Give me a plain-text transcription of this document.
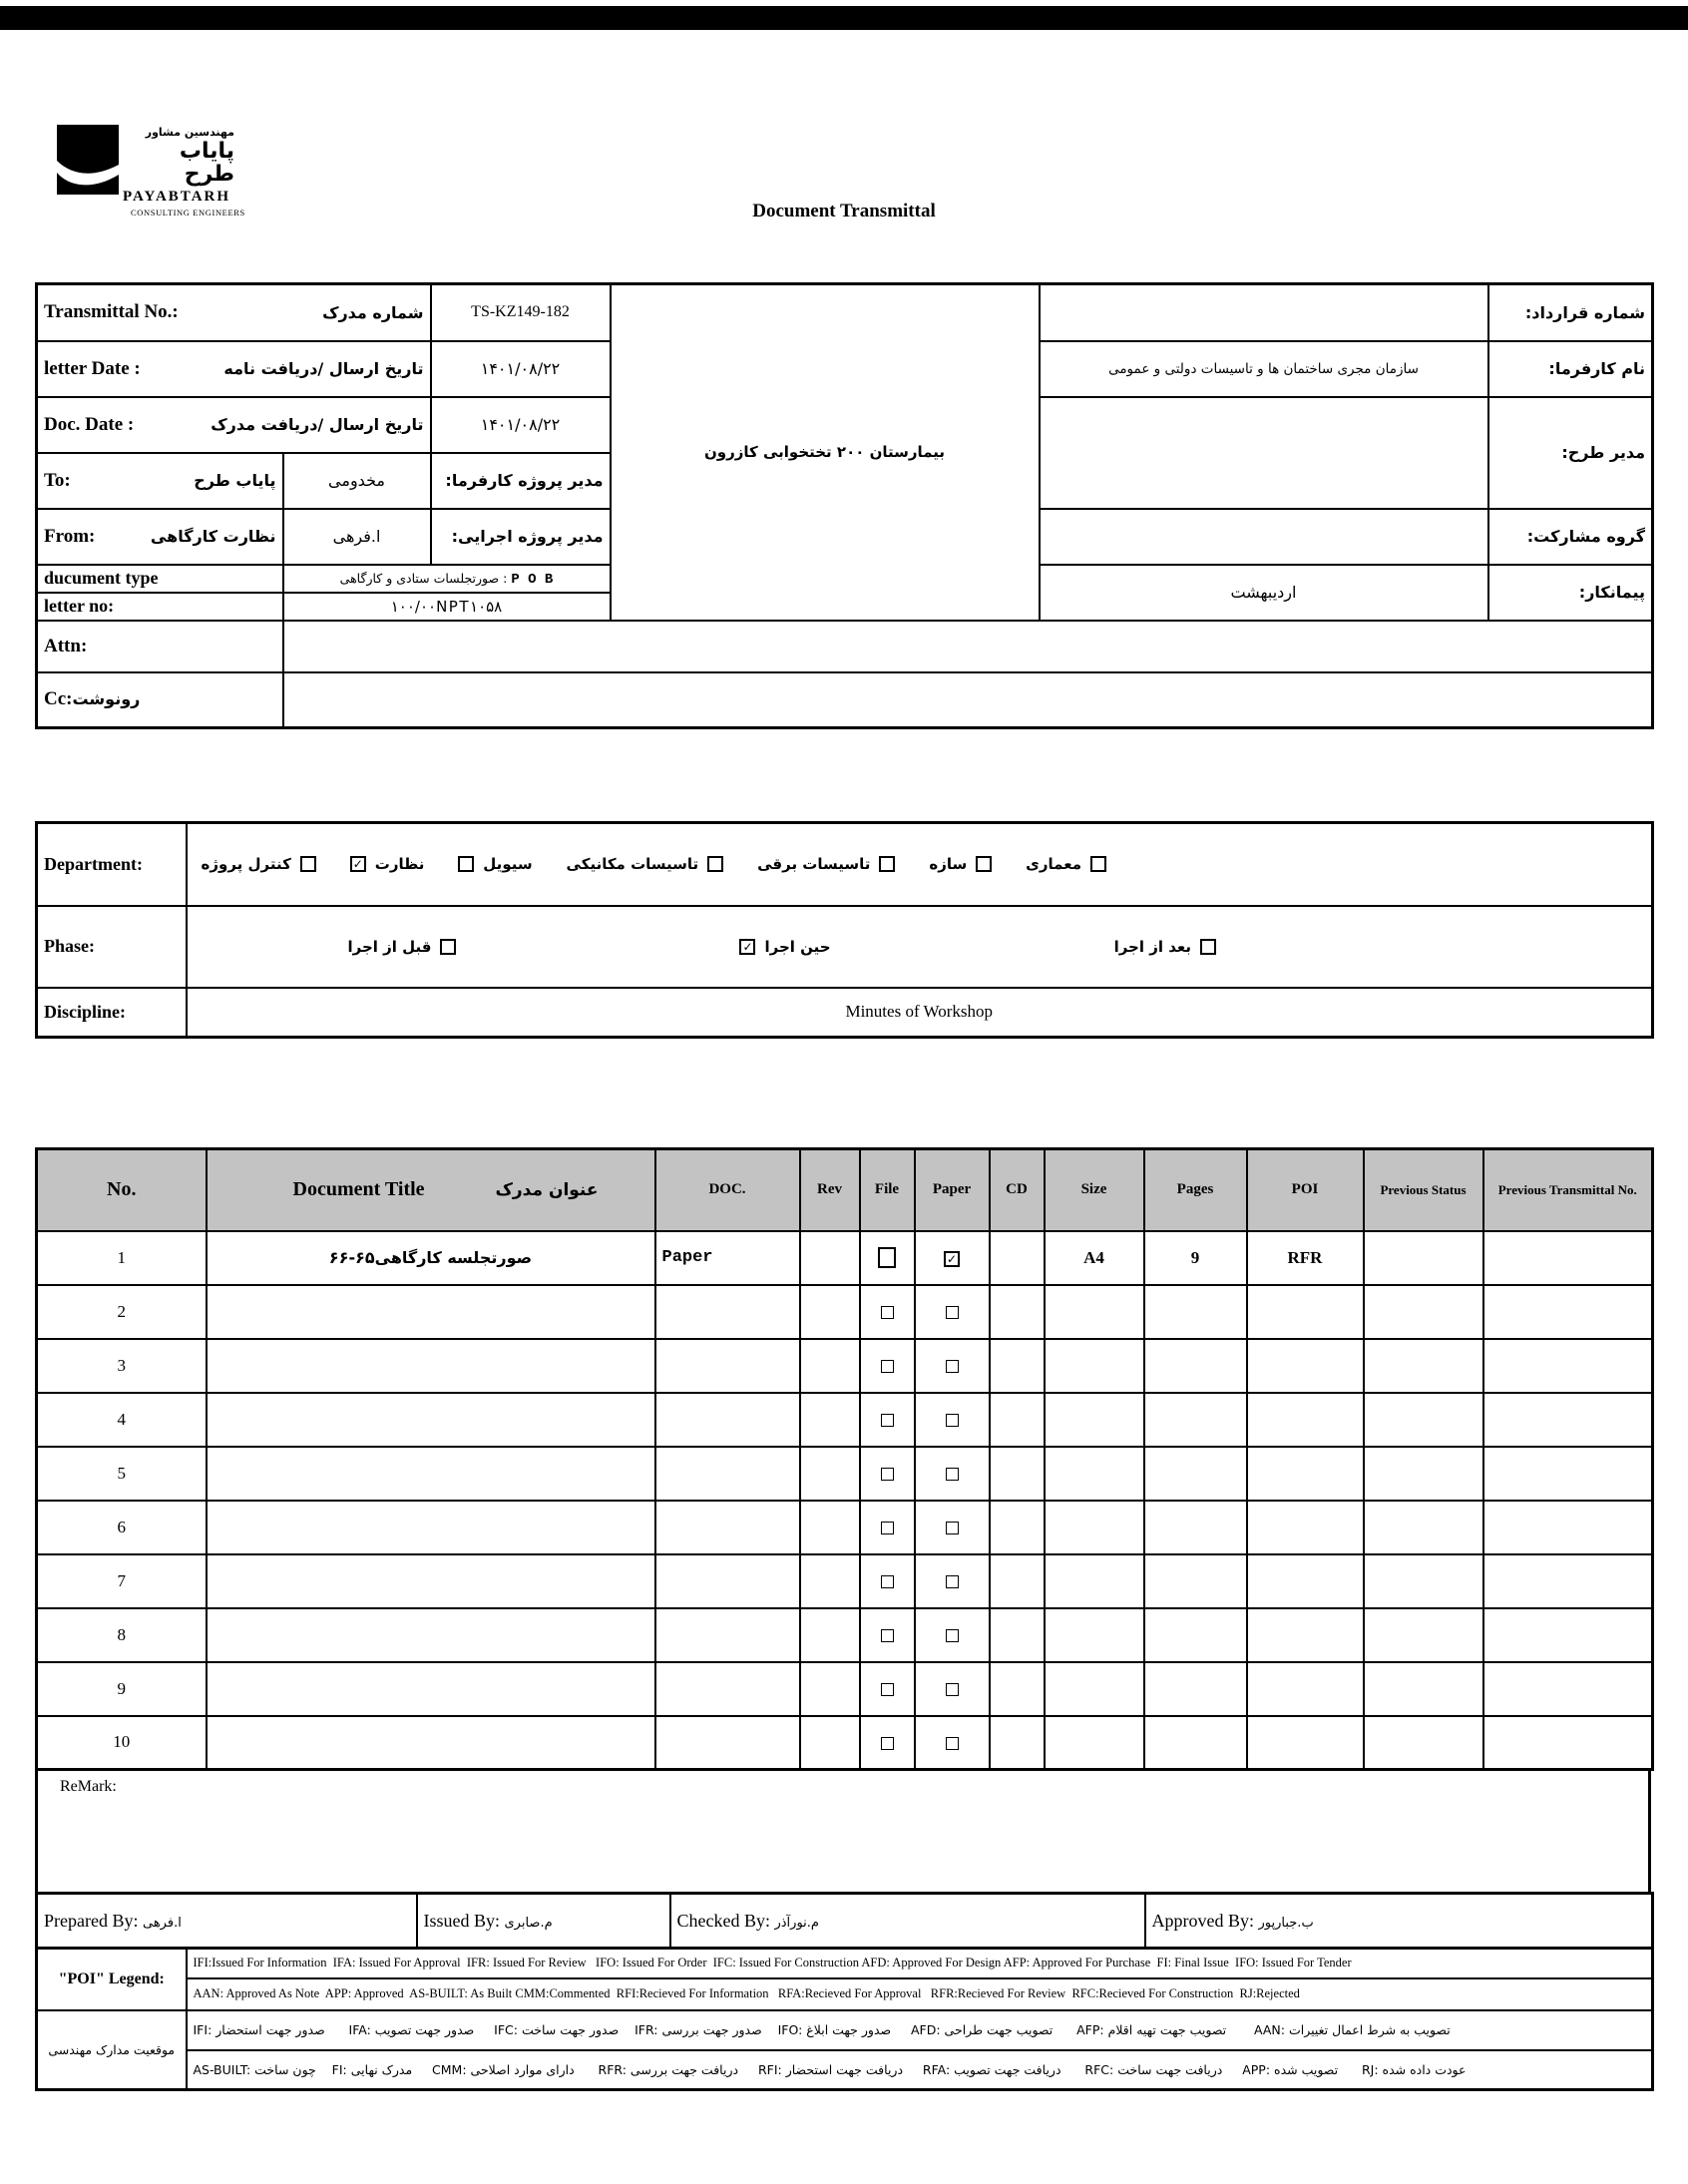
مهندسین مشاور
پایاب طرح
PAYABTARH
CONSULTING ENGINEERS	Document Transmittal
Transmittal No.: شماره مدرک		TS-KZ149-182	بیمارستان ۲۰۰ تختخوابی کازرون		شماره قرارداد:

letter Date : تاریخ ارسال /دریافت نامه		۱۴۰۱/۰۸/۲۲		سازمان مجری ساختمان ها و تاسیسات دولتی و عمومی	نام کارفرما:

Doc. Date : تاریخ ارسال /دریافت مدرک		۱۴۰۱/۰۸/۲۲			مدیر طرح:

To: پایاب طرح	مخدومی	مدیر پروژه کارفرما:			

From: نظارت کارگاهی	ا.فرهی	مدیر پروژه اجرایی:			گروه مشارکت:
ducument type	صورتجلسات ستادی و کارگاهی : P O B			اردیبهشت	پیمانکار:
letter no:	۱۰۰/۰۰NPT۱۰۵۸				
Attn:					
Cc:رونوشت					
Department:	کنترل پروژه	✓ نظارت	سیویل تاسیسات مکانیکی	تاسیسات برقی	سازه	معماری

Phase:	قبل از اجرا ✓ حین اجرا بعد از اجرا

Discipline:	Minutes of Workshop
No.	Document Title عنوان مدرک	DOC.	Rev	File	Paper	CD	Size	Pages	POI	Previous Status	Previous Transmittal No.
1	صورتجلسه کارگاهی۶۵-۶۶	Paper			✓		A4	9	RFR		
2											
3											
4											
5											
6											
7											
8											
9											
10											
ReMark:
Prepared By: ا.فرهی	Issued By: م.صابری	Checked By: م.نورآذر	Approved By: ب.جبارپور
"POI" Legend:	IFI:Issued For Information  IFA: Issued For Approval  IFR: Issued For Review   IFO: Issued For Order  IFC: Issued For Construction AFD: Approved For Design AFP: Approved For Purchase  FI: Final Issue  IFO: Issued For Tender
	AAN: Approved As Note  APP: Approved  AS-BUILT: As Built CMM:Commented  RFI:Recieved For Information   RFA:Recieved For Approval   RFR:Recieved For Review  RFC:Recieved For Construction  RJ:Rejected
موقعیت مدارک مهندسی	IFI: صدور جهت استحضار      IFA: صدور جهت تصویب     IFC: صدور جهت ساخت    IFR: صدور جهت بررسی    IFO: صدور جهت ابلاغ     AFD: تصویب جهت طراحی      AFP: تصویب جهت تهیه اقلام       AAN: تصویب به شرط اعمال تغییرات
	AS-BUILT: چون ساخت    FI: مدرک نهایی     CMM: دارای موارد اصلاحی      RFR: دریافت جهت بررسی     RFI: دریافت جهت استحضار     RFA: دریافت جهت تصویب      RFC: دریافت جهت ساخت     APP: تصویب شده      RJ: عودت داده شده
